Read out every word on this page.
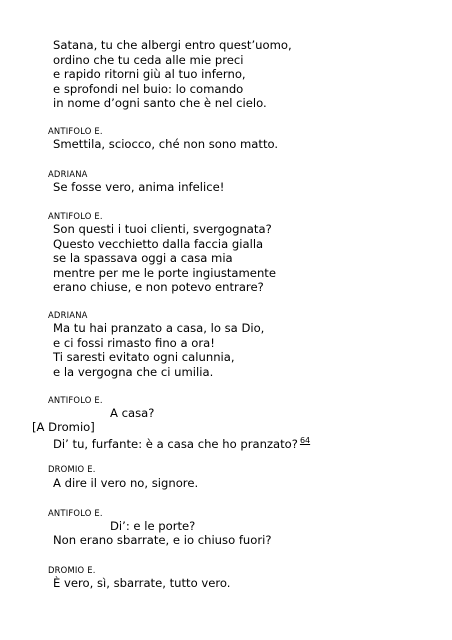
Satana, tu che albergi entro quest’uomo,
ordino che tu ceda alle mie preci
e rapido ritorni giù al tuo inferno,
e sprofondi nel buio: lo comando
in nome d’ogni santo che è nel cielo.
ANTIFOLO E.
Smettila, sciocco, ché non sono matto.
ADRIANA
Se fosse vero, anima infelice!
ANTIFOLO E.
Son questi i tuoi clienti, svergognata?
Questo vecchietto dalla faccia gialla
se la spassava oggi a casa mia
mentre per me le porte ingiustamente
erano chiuse, e non potevo entrare?
ADRIANA
Ma tu hai pranzato a casa, lo sa Dio,
e ci fossi rimasto fino a ora!
Ti saresti evitato ogni calunnia,
e la vergogna che ci umilia.
ANTIFOLO E.
A casa?
[A Dromio]
Di’ tu, furfante: è a casa che ho pranzato? $^{64}$
DROMIO E.
A dire il vero no, signore.
ANTIFOLO E.
Di’: e le porte?
Non erano sbarrate, e io chiuso fuori?
DROMIO E.
È vero, sì, sbarrate, tutto vero.
